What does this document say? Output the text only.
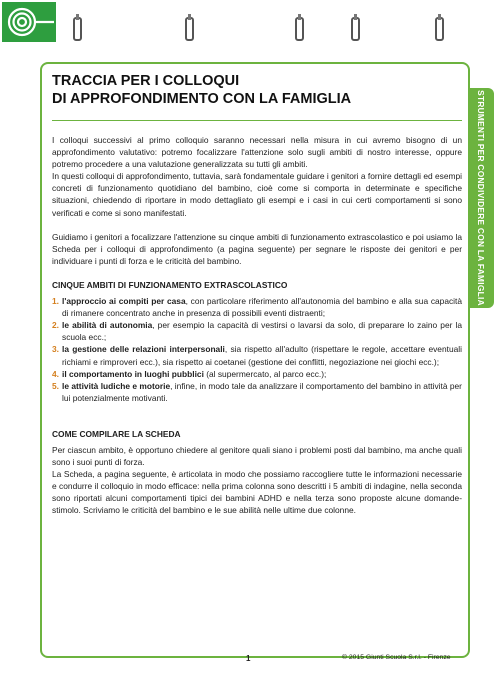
STRUMENTI PER CONDIVIDERE CON LA FAMIGLIA
TRACCIA PER I COLLOQUI
DI APPROFONDIMENTO CON LA FAMIGLIA

I colloqui successivi al primo colloquio saranno necessari nella misura in cui avremo bisogno di un approfondimento valutativo: potremo focalizzare l'attenzione solo sugli ambiti di nostro interesse, oppure potremo procedere a una valutazione generalizzata su tutti gli ambiti.

In questi colloqui di approfondimento, tuttavia, sarà fondamentale guidare i genitori a fornire dettagli ed esempi concreti di funzionamento quotidiano del bambino, cioè come si comporta in determinate e specifiche situazioni, chiedendo di riportare in modo dettagliato gli esempi e i casi in cui certi comportamenti si sono verificati e come si sono manifestati.

Guidiamo i genitori a focalizzare l'attenzione su cinque ambiti di funzionamento extrascolastico e poi usiamo la Scheda per i colloqui di approfondimento (a pagina seguente) per segnare le risposte dei genitori e per individuare i punti di forza e le criticità del bambino.

CINQUE AMBITI DI FUNZIONAMENTO EXTRASCOLASTICO
1. l'approccio ai compiti per casa, con particolare riferimento all'autonomia del bambino e alla sua capacità di rimanere concentrato anche in presenza di possibili eventi distraenti;
2. le abilità di autonomia, per esempio la capacità di vestirsi o lavarsi da solo, di preparare lo zaino per la scuola ecc.;
3. la gestione delle relazioni interpersonali, sia rispetto all'adulto (rispettare le regole, accettare eventuali richiami e rimproveri ecc.), sia rispetto ai coetanei (gestione dei conflitti, negoziazione nei giochi ecc.);
4. il comportamento in luoghi pubblici (al supermercato, al parco ecc.);
5. le attività ludiche e motorie, infine, in modo tale da analizzare il comportamento del bambino in attività per lui potenzialmente motivanti.
COME COMPILARE LA SCHEDA

Per ciascun ambito, è opportuno chiedere al genitore quali siano i problemi posti dal bambino, ma anche quali sono i suoi punti di forza.

La Scheda, a pagina seguente, è articolata in modo che possiamo raccogliere tutte le informazioni necessarie e condurre il colloquio in modo efficace: nella prima colonna sono descritti i 5 ambiti di indagine, nella seconda sono riportati alcuni comportamenti tipici dei bambini ADHD e nella terza sono proposte alcune domande-stimolo. Scriviamo le criticità del bambino e le sue abilità nelle ultime due colonne.

1	© 2015 Giunti Scuola S.r.l. - Firenze
